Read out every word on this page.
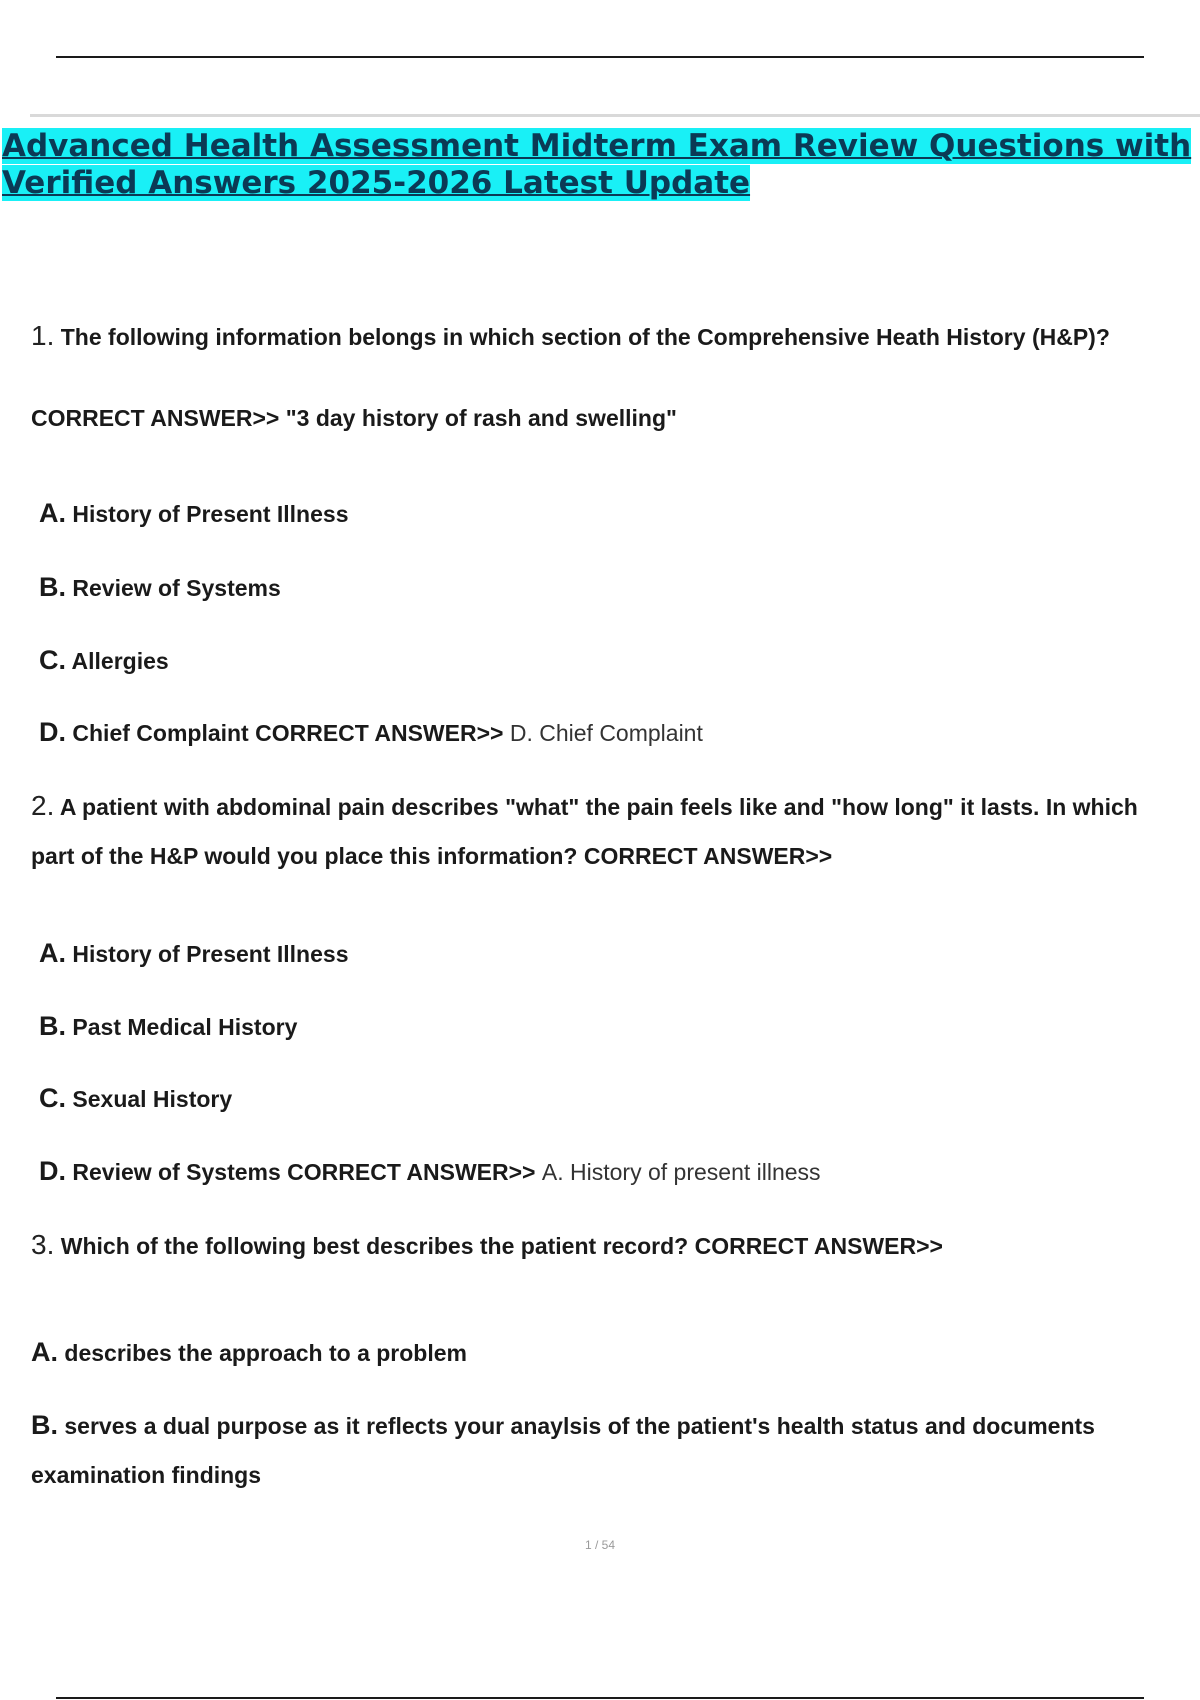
Advanced Health Assessment Midterm Exam Review Questions with
Verified Answers 2025-2026 Latest Update
1. The following information belongs in which section of the Comprehensive Heath History (H&P)?
CORRECT ANSWER>> "3 day history of rash and swelling"
A. History of Present Illness
B. Review of Systems
C. Allergies
D. Chief Complaint CORRECT ANSWER>> D. Chief Complaint
2. A patient with abdominal pain describes "what" the pain feels like and "how long" it lasts. In which
part of the H&P would you place this information? CORRECT ANSWER>>
A. History of Present Illness
B. Past Medical History
C. Sexual History
D. Review of Systems CORRECT ANSWER>> A. History of present illness
3. Which of the following best describes the patient record? CORRECT ANSWER>>
A. describes the approach to a problem
B. serves a dual purpose as it reflects your anaylsis of the patient's health status and documents
examination findings
1 / 54
